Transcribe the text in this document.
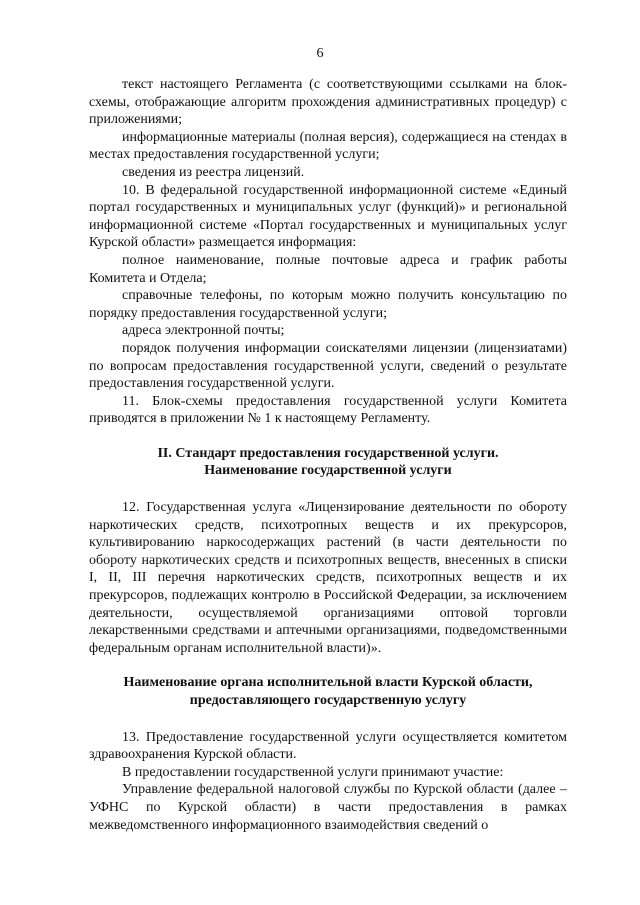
6

текст настоящего Регламента (с соответствующими ссылками на блок-схемы, отображающие алгоритм прохождения административных процедур) с приложениями;

информационные материалы (полная версия), содержащиеся на стендах в местах предоставления государственной услуги;

сведения из реестра лицензий.

10. В федеральной государственной информационной системе «Единый портал государственных и муниципальных услуг (функций)» и региональной информационной системе «Портал государственных и муниципальных услуг Курской области» размещается информация:

полное наименование, полные почтовые адреса и график работы Комитета и Отдела;

справочные телефоны, по которым можно получить консультацию по порядку предоставления государственной услуги;

адреса электронной почты;

порядок получения информации соискателями лицензии (лицензиатами) по вопросам предоставления государственной услуги, сведений о результате предоставления государственной услуги.

11. Блок-схемы предоставления государственной услуги Комитета приводятся в приложении № 1 к настоящему Регламенту.

II. Стандарт предоставления государственной услуги.

Наименование государственной услуги

12. Государственная услуга «Лицензирование деятельности по обороту наркотических средств, психотропных веществ и их прекурсоров, культивированию наркосодержащих растений (в части деятельности по обороту наркотических средств и психотропных веществ, внесенных в списки I, II, III перечня наркотических средств, психотропных веществ и их прекурсоров, подлежащих контролю в Российской Федерации, за исключением деятельности, осуществляемой организациями оптовой торговли лекарственными средствами и аптечными организациями, подведомственными федеральным органам исполнительной власти)».

Наименование органа исполнительной власти Курской области,

предоставляющего государственную услугу

13. Предоставление государственной услуги осуществляется комитетом здравоохранения Курской области.

В предоставлении государственной услуги принимают участие:

Управление федеральной налоговой службы по Курской области (далее – УФНС по Курской области) в части предоставления в рамках межведомственного информационного взаимодействия сведений о
